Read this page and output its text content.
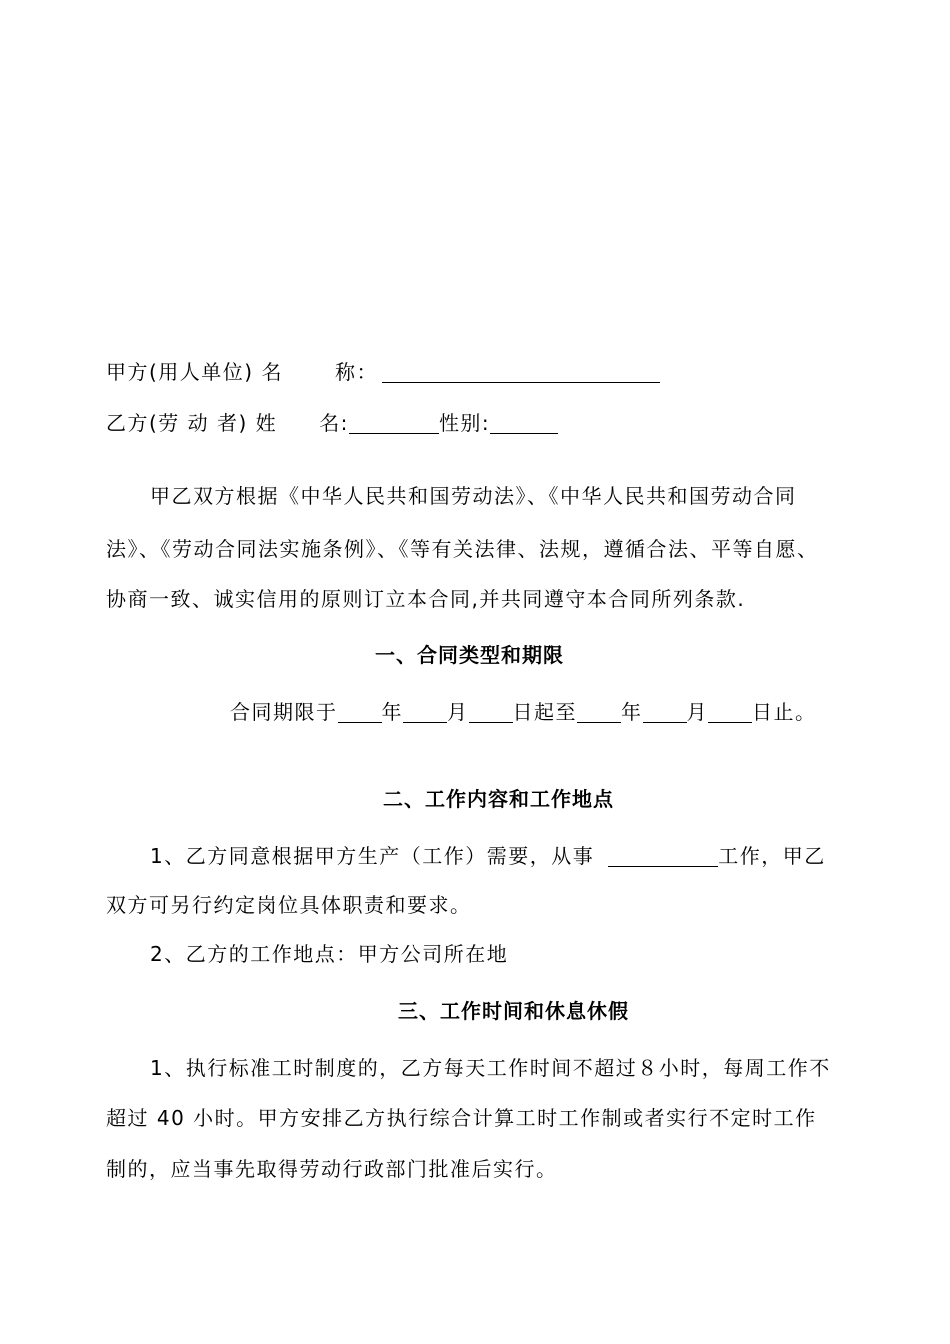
甲方(用人单位) 名	称：
乙方(劳 动 者) 姓 名:	性别:
甲乙双方根据《中华人民共和国劳动法》、《中华人民共和国劳动合同
法》、《劳动合同法实施条例》、《等有关法律、法规，遵循合法、平等自愿、
协商一致、诚实信用的原则订立本合同,并共同遵守本合同所列条款.
一、合同类型和期限
合同期限于 年 月 日起至 年 月 日止。
二、工作内容和工作地点
1、乙方同意根据甲方生产（工作）需要，从事	工作，甲乙
双方可另行约定岗位具体职责和要求。
2、乙方的工作地点：甲方公司所在地
三、工作时间和休息休假
1、执行标准工时制度的，乙方每天工作时间不超过８小时，每周工作不
超过 40 小时。甲方安排乙方执行综合计算工时工作制或者实行不定时工作
制的，应当事先取得劳动行政部门批准后实行。
